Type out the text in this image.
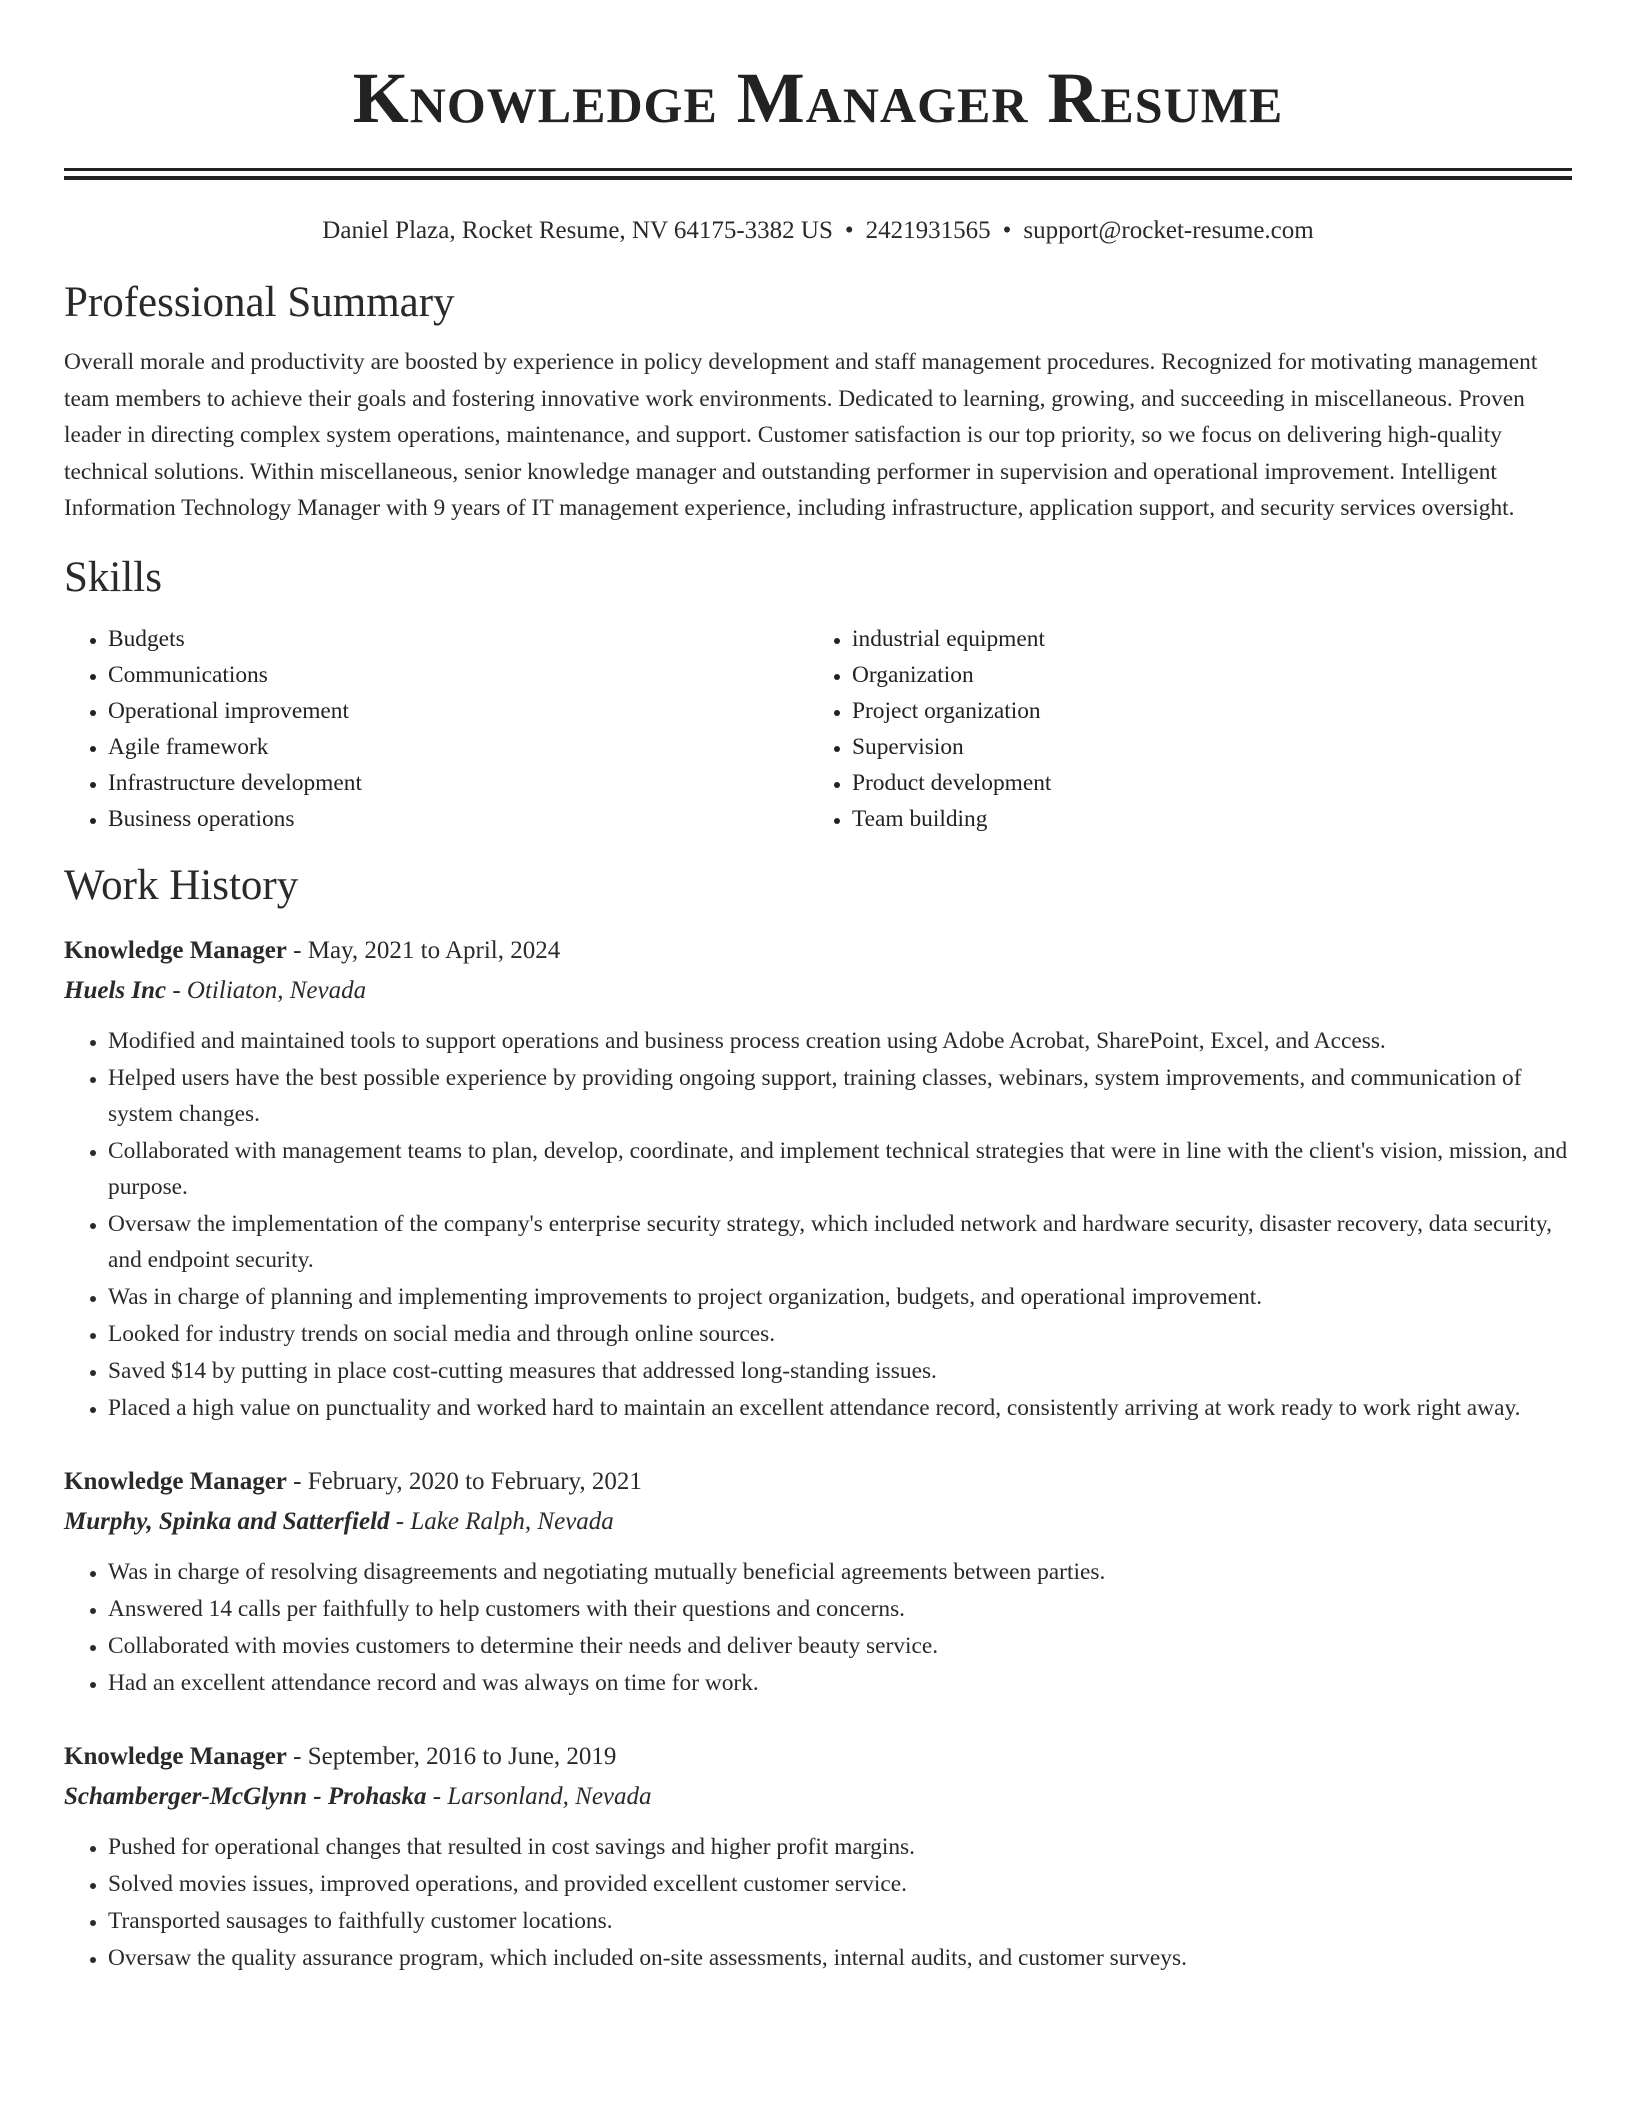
Knowledge Manager Resume
Daniel Plaza, Rocket Resume, NV 64175-3382 US • 2421931565 • support@rocket-resume.com
Professional Summary

Overall morale and productivity are boosted by experience in policy development and staff management procedures. Recognized for motivating management team members to achieve their goals and fostering innovative work environments. Dedicated to learning, growing, and succeeding in miscellaneous. Proven leader in directing complex system operations, maintenance, and support. Customer satisfaction is our top priority, so we focus on delivering high-quality technical solutions. Within miscellaneous, senior knowledge manager and outstanding performer in supervision and operational improvement. Intelligent Information Technology Manager with 9 years of IT management experience, including infrastructure, application support, and security services oversight.

Skills
• Budgets
• Communications
• Operational improvement
• Agile framework
• Infrastructure development
• Business operations
• industrial equipment
• Organization
• Project organization
• Supervision
• Product development
• Team building
Work History
Knowledge Manager - May, 2021 to April, 2024
Huels Inc - Otiliaton, Nevada
• Modified and maintained tools to support operations and business process creation using Adobe Acrobat, SharePoint, Excel, and Access.
• Helped users have the best possible experience by providing ongoing support, training classes, webinars, system improvements, and communication of system changes.
• Collaborated with management teams to plan, develop, coordinate, and implement technical strategies that were in line with the client's vision, mission, and purpose.
• Oversaw the implementation of the company's enterprise security strategy, which included network and hardware security, disaster recovery, data security, and endpoint security.
• Was in charge of planning and implementing improvements to project organization, budgets, and operational improvement.
• Looked for industry trends on social media and through online sources.
• Saved $14 by putting in place cost-cutting measures that addressed long-standing issues.
• Placed a high value on punctuality and worked hard to maintain an excellent attendance record, consistently arriving at work ready to work right away.
Knowledge Manager - February, 2020 to February, 2021
Murphy, Spinka and Satterfield - Lake Ralph, Nevada
• Was in charge of resolving disagreements and negotiating mutually beneficial agreements between parties.
• Answered 14 calls per faithfully to help customers with their questions and concerns.
• Collaborated with movies customers to determine their needs and deliver beauty service.
• Had an excellent attendance record and was always on time for work.
Knowledge Manager - September, 2016 to June, 2019
Schamberger-McGlynn - Prohaska - Larsonland, Nevada
• Pushed for operational changes that resulted in cost savings and higher profit margins.
• Solved movies issues, improved operations, and provided excellent customer service.
• Transported sausages to faithfully customer locations.
• Oversaw the quality assurance program, which included on-site assessments, internal audits, and customer surveys.
